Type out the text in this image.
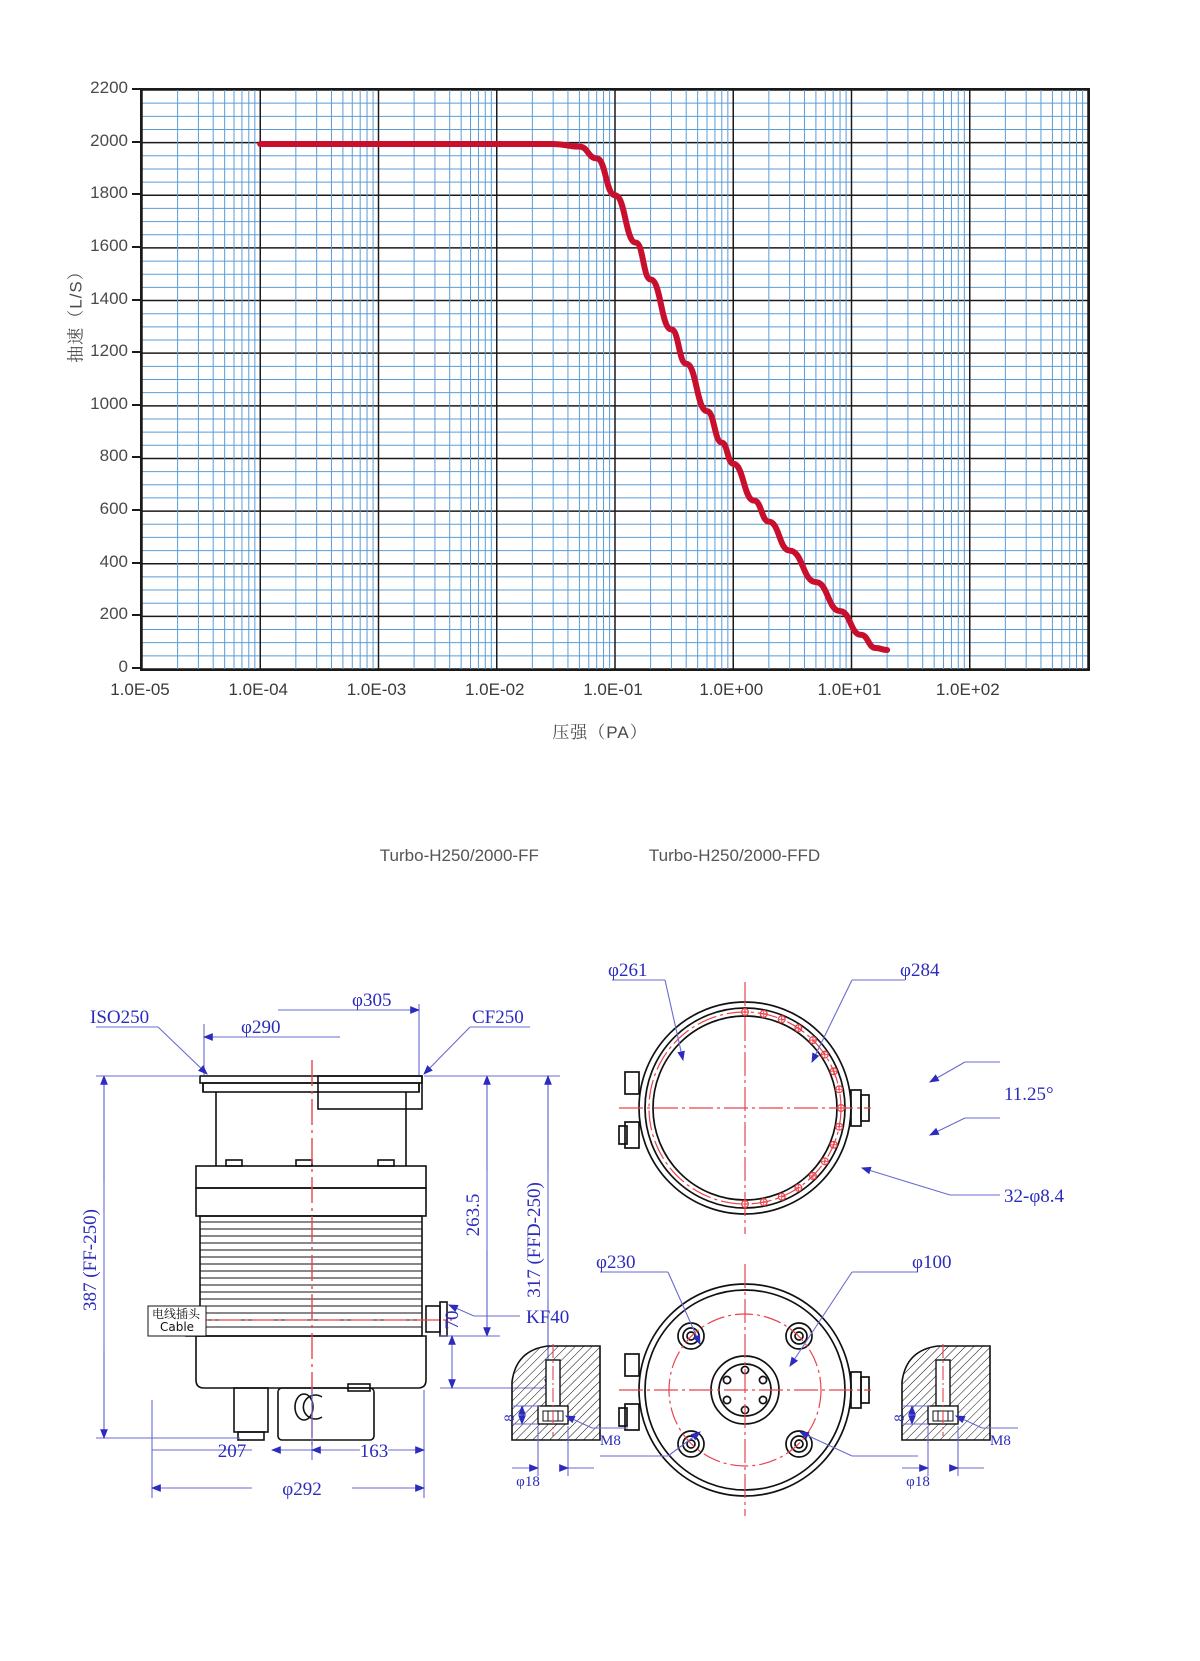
抽速（L/S）
0
200
400
600
800
1000
1200
1400
1600
1800
2000
2200
1.0E-05	1.0E-04	1.0E-03	1.0E-02	1.0E-01	1.0E+00	1.0E+01	1.0E+02
压强（PA）
Turbo-H250/2000-FF	Turbo-H250/2000-FFD
电线插头
Cable
ISO250	CF250
φ290
φ305
387 (FF-250)	263.5 317 (FFD-250)
70	KF40
207	163
φ292
φ261	φ284
11.25°
32-φ8.4
φ230	φ100
8
φ18
M8
8
φ18
M8
